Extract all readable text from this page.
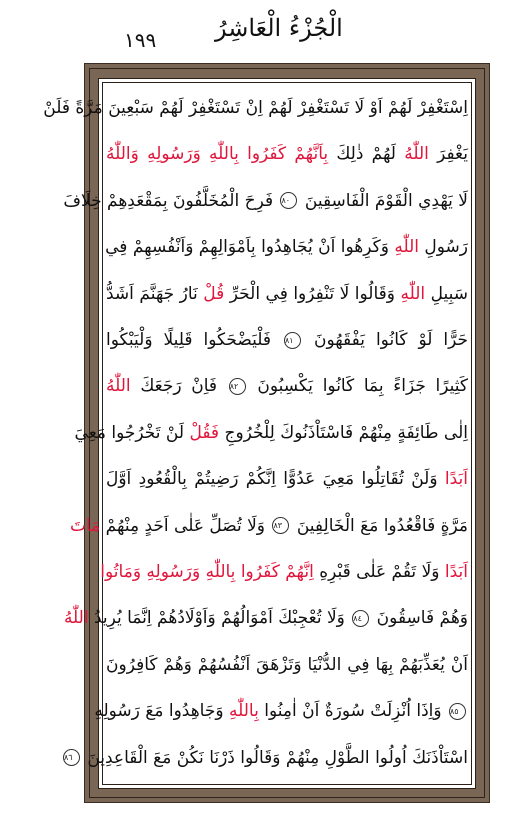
١٩٩ الْجُزْءُ الْعَاشِرُ
اِسْتَغْفِرْ لَهُمْ اَوْ لَا تَسْتَغْفِرْ لَهُمْ اِنْ تَسْتَغْفِرْ لَهُمْ سَبْعِينَ مَرَّةً فَلَنْ
يَغْفِرَ اللّٰهُ لَهُمْ ذٰلِكَ بِاَنَّهُمْ كَفَرُوا بِاللّٰهِ وَرَسُولِهِ وَاللّٰهُ
لَا يَهْدِي الْقَوْمَ الْفَاسِقِينَ ٨٠ فَرِحَ الْمُخَلَّفُونَ بِمَقْعَدِهِمْ خِلَافَ
رَسُولِ اللّٰهِ وَكَرِهُوا اَنْ يُجَاهِدُوا بِاَمْوَالِهِمْ وَاَنْفُسِهِمْ فِي
سَبِيلِ اللّٰهِ وَقَالُوا لَا تَنْفِرُوا فِي الْحَرِّ قُلْ نَارُ جَهَنَّمَ اَشَدُّ
حَرًّا لَوْ كَانُوا يَفْقَهُونَ ٨١ فَلْيَضْحَكُوا قَلِيلًا وَلْيَبْكُوا
كَثِيرًا جَزَاءً بِمَا كَانُوا يَكْسِبُونَ ٨٢ فَاِنْ رَجَعَكَ اللّٰهُ
اِلٰى طَائِفَةٍ مِنْهُمْ فَاسْتَاْذَنُوكَ لِلْخُرُوجِ فَقُلْ لَنْ تَخْرُجُوا مَعِيَ
اَبَدًا وَلَنْ تُقَاتِلُوا مَعِيَ عَدُوًّا اِنَّكُمْ رَضِيتُمْ بِالْقُعُودِ اَوَّلَ
مَرَّةٍ فَاقْعُدُوا مَعَ الْخَالِفِينَ ٨٣ وَلَا تُصَلِّ عَلٰى اَحَدٍ مِنْهُمْ مَاتَ
اَبَدًا وَلَا تَقُمْ عَلٰى قَبْرِهِ اِنَّهُمْ كَفَرُوا بِاللّٰهِ وَرَسُولِهِ وَمَاتُوا
وَهُمْ فَاسِقُونَ ٨٤ وَلَا تُعْجِبْكَ اَمْوَالُهُمْ وَاَوْلَادُهُمْ اِنَّمَا يُرِيدُ اللّٰهُ
اَنْ يُعَذِّبَهُمْ بِهَا فِي الدُّنْيَا وَتَزْهَقَ اَنْفُسُهُمْ وَهُمْ كَافِرُونَ
٨٥ وَاِذَا اُنْزِلَتْ سُورَةٌ اَنْ اٰمِنُوا بِاللّٰهِ وَجَاهِدُوا مَعَ رَسُولِهِ
اسْتَاْذَنَكَ اُولُوا الطَّوْلِ مِنْهُمْ وَقَالُوا ذَرْنَا نَكُنْ مَعَ الْقَاعِدِينَ ٨٦
